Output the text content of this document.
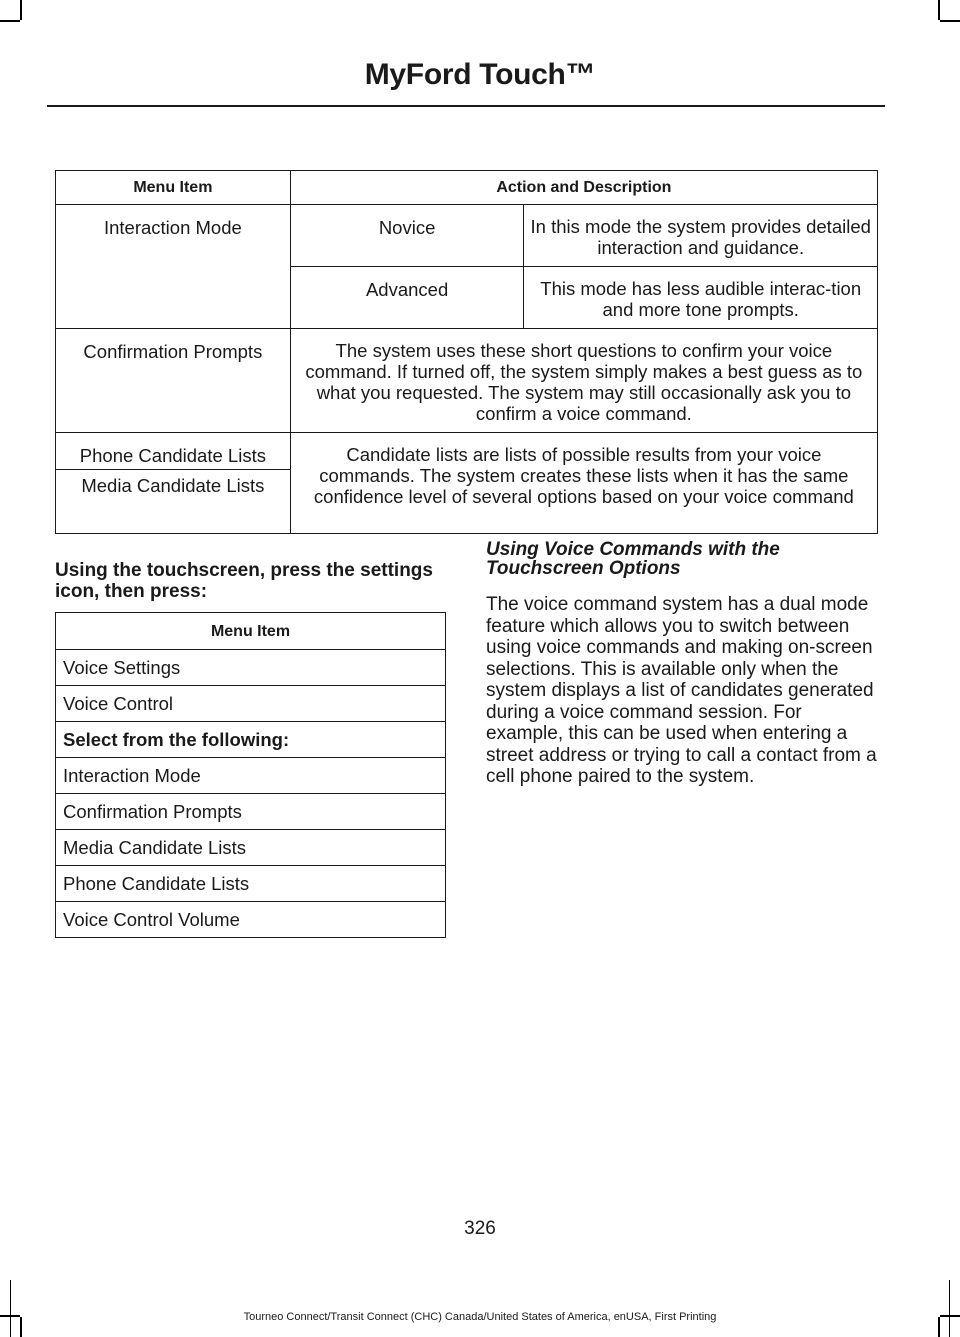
MyFord Touch™
Menu Item	Action and Description	
Interaction Mode	Novice	In this mode the system provides detailed interaction and guidance.
	Advanced	This mode has less audible interac-tion and more tone prompts.
Confirmation Prompts	The system uses these short questions to confirm your voice command. If turned off, the system simply makes a best guess as to what you requested. The system may still occasionally ask you to confirm a voice command.	
Phone Candidate Lists	Candidate lists are lists of possible results from your voice commands. The system creates these lists when it has the same confidence level of several options based on your voice command	
Media Candidate Lists		
Using the touchscreen, press the settings icon, then press:
Menu Item
Voice Settings
Voice Control
Select from the following:
Interaction Mode
Confirmation Prompts
Media Candidate Lists
Phone Candidate Lists
Voice Control Volume

Using Voice Commands with the Touchscreen Options

The voice command system has a dual mode feature which allows you to switch between using voice commands and making on-screen selections. This is available only when the system displays a list of candidates generated during a voice command session. For example, this can be used when entering a street address or trying to call a contact from a cell phone paired to the system.

326
Tourneo Connect/Transit Connect (CHC) Canada/United States of America, enUSA, First Printing
